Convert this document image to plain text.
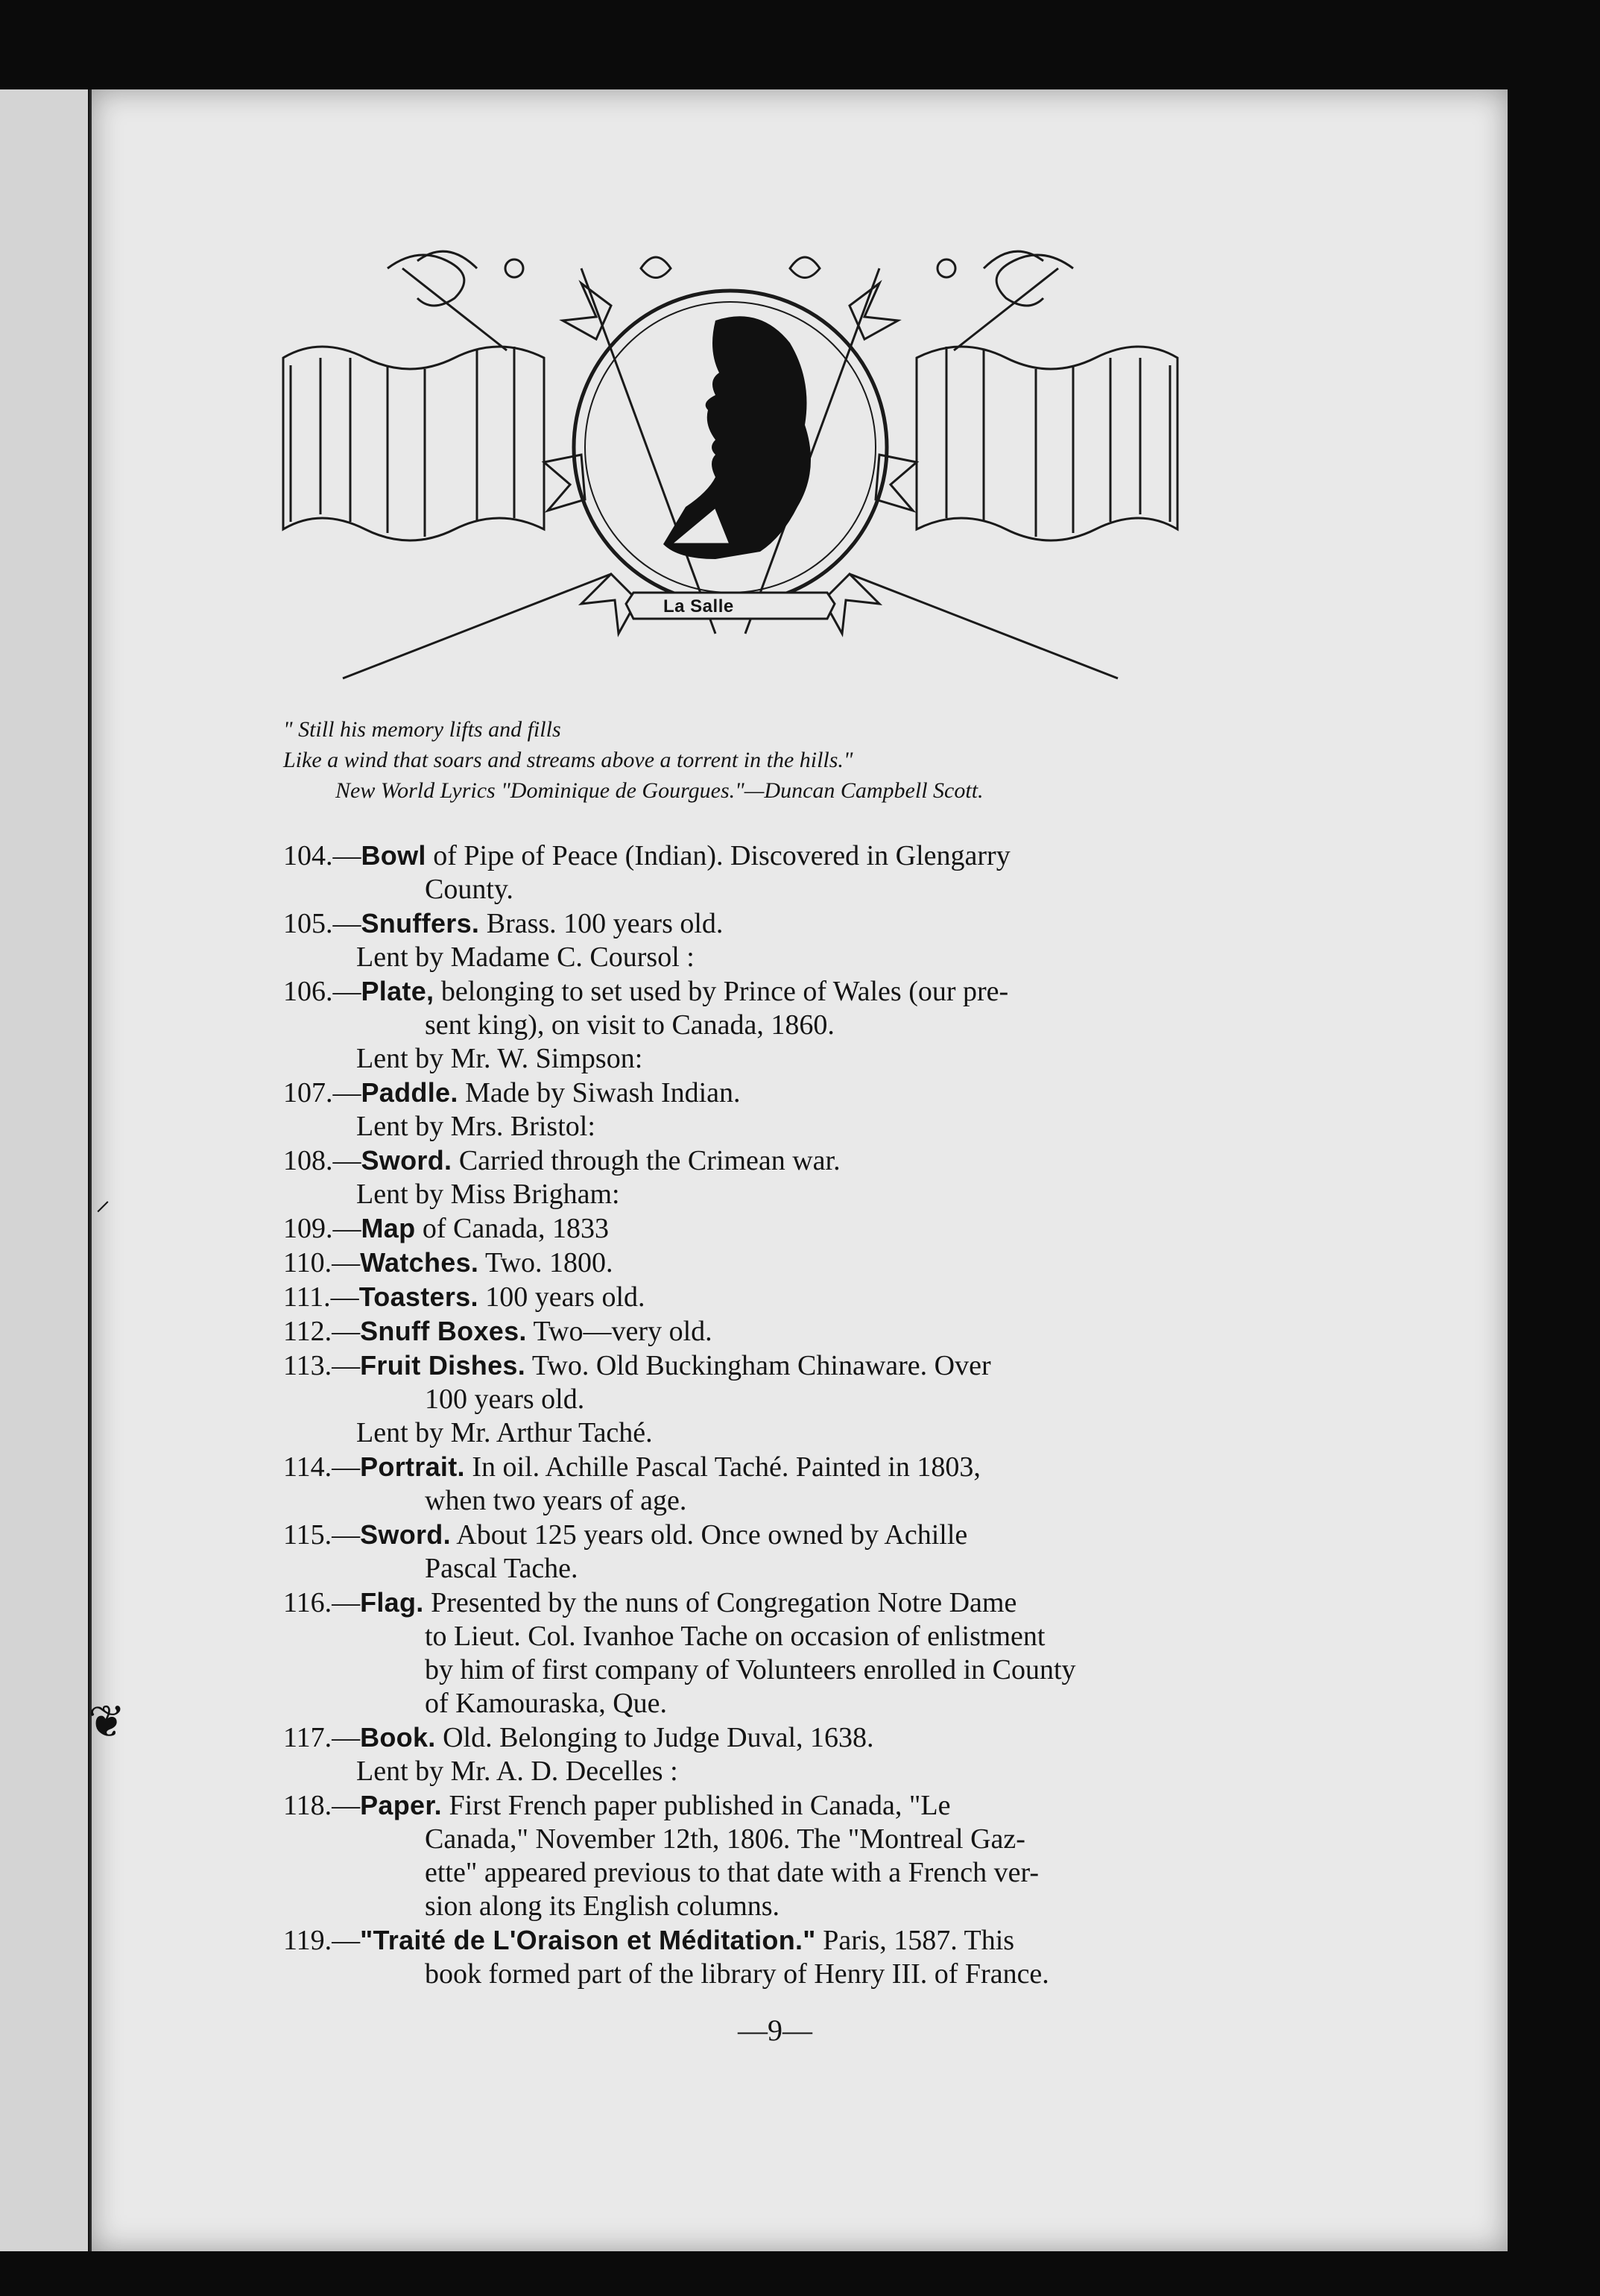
⸝
❦
La Salle
" Still his memory lifts and fills
Like a wind that soars and streams above a torrent in the hills."
New World Lyrics "Dominique de Gourgues."—Duncan Campbell Scott.
104.—Bowl of Pipe of Peace (Indian). Discovered in Glengarry
County.
105.—Snuffers. Brass. 100 years old.
Lent by Madame C. Coursol :
106.—Plate, belonging to set used by Prince of Wales (our pre-
sent king), on visit to Canada, 1860.
Lent by Mr. W. Simpson:
107.—Paddle. Made by Siwash Indian.
Lent by Mrs. Bristol:
108.—Sword. Carried through the Crimean war.
Lent by Miss Brigham:
109.—Map of Canada, 1833
110.—Watches. Two. 1800.
111.—Toasters. 100 years old.
112.—Snuff Boxes. Two—very old.
113.—Fruit Dishes. Two. Old Buckingham Chinaware. Over
100 years old.
Lent by Mr. Arthur Taché.
114.—Portrait. In oil. Achille Pascal Taché. Painted in 1803,
when two years of age.
115.—Sword. About 125 years old. Once owned by Achille
Pascal Tache.
116.—Flag. Presented by the nuns of Congregation Notre Dame
to Lieut. Col. Ivanhoe Tache on occasion of enlistment
by him of first company of Volunteers enrolled in County
of Kamouraska, Que.
117.—Book. Old. Belonging to Judge Duval, 1638.
Lent by Mr. A. D. Decelles :
118.—Paper. First French paper published in Canada, "Le
Canada," November 12th, 1806. The "Montreal Gaz-
ette" appeared previous to that date with a French ver-
sion along its English columns.
119.—"Traité de L'Oraison et Méditation." Paris, 1587. This
book formed part of the library of Henry III. of France.
—9—
